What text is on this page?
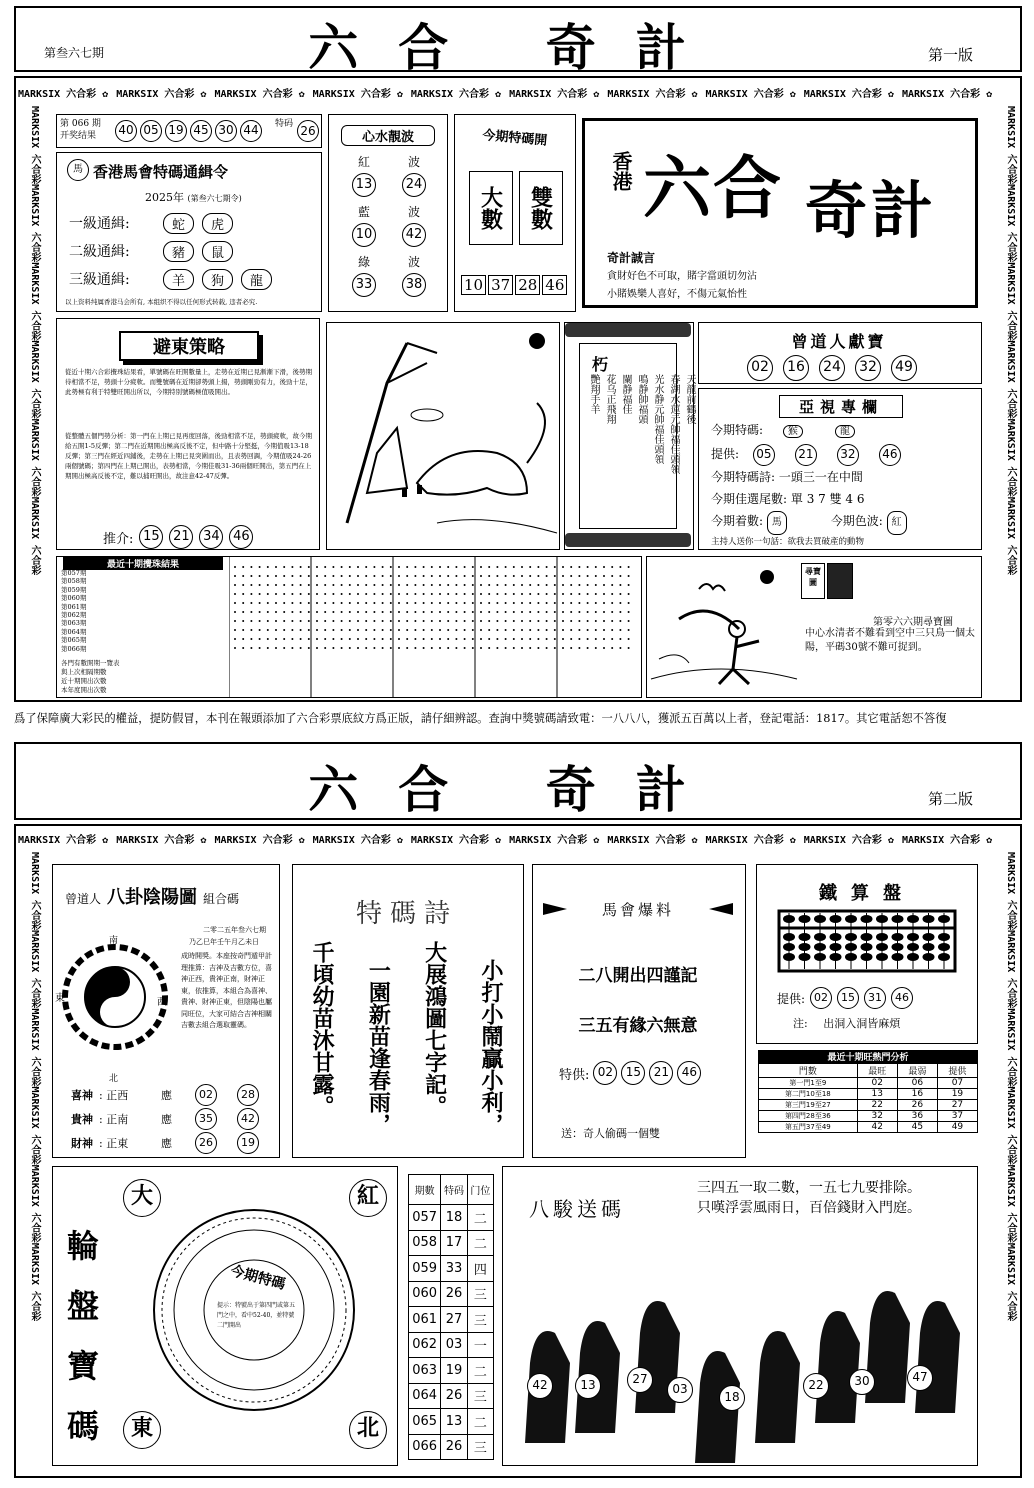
六合 奇計
第叁六七期	第一版
MARKSIX 六合彩 ✿ MARKSIX 六合彩 ✿ MARKSIX 六合彩 ✿ MARKSIX 六合彩 ✿ MARKSIX 六合彩 ✿ MARKSIX 六合彩 ✿ MARKSIX 六合彩 ✿ MARKSIX 六合彩 ✿ MARKSIX 六合彩 ✿ MARKSIX 六合彩 ✿
MARKSIX 六合彩MARKSIX 六合彩MARKSIX 六合彩MARKSIX 六合彩MARKSIX 六合彩MARKSIX 六合彩
MARKSIX 六合彩MARKSIX 六合彩MARKSIX 六合彩MARKSIX 六合彩MARKSIX 六合彩MARKSIX 六合彩
第 066 期
开奖结果	40 05 19 45 30 44	特码 26
香港馬會特碼通緝令
馬
2025年 (第叁六七期令)
一級通緝:	蛇	虎
二級通緝:	豬	鼠
三級通緝:	羊	狗	龍
以上资料纯属香港马会所有, 本组织不得以任何形式转载, 违者必究.
心水靚波
紅	波
13	24
藍	波
10	42
綠	波
33	38
今期特碼開
大數	雙數
10 37 28 46
香港 六合 奇計
奇計誠言
貪財好色不可取，賭字當頭切勿沾
小賭娛樂人喜好，不傷元氣怡性
避東策略
從近十期六合彩攪珠結果看，單號碼在旺開數量上，走勢在近期已見漸漸下滑，後勢期待相當不足，勢頭十分疲軟。而雙號碼在近期卻勢頭上揚，勢頭剛勁有力，後勁十足，此勢極有利于特雙旺開出所以，今期特別號碼極值吸開出。
從整體五個門勢分析：第一門在上期已見再度回落，後勁相當不足，勢頭疲軟，故今期給五開1-5反彈；第二門在近期開出極高反後不定，但中路十分堅挺，今期值吸13-18反彈；第三門在經近四鋪後，走勢在上期已見突圍而出，且表勢回調，今期值吸24-26兩個號碼；第四門在上期已開出，表勢相當，今期佳吸31-36兩個旺開出，第五門在上期開出極高反後不定，難以捕旺開出，故注意42-47反彈。
推介: 15 21 34 46
朽
天龍前鶴後
春湖水蓮元帥福佳頭領
光水静元帥福佳頭領
鳴静帥福頭
闌静福佳
花乌正飛翔
艷翔手羊
曾道人獻寶
02 16 24 32 49
亞視專欄
今期特碼: 猴	龍
提供: 05 21 32 46
今期特碼詩: 一頭三一在中間
今期佳選尾數: 單 3 7 雙 4 6
今期着數: 馬	今期色波: 紅
主持人送你一句話：欲我去買破產的動物
最近十期攪珠結果
第057期
第058期
第059期
第060期
第061期
第062期
第063期
第064期
第065期
第066期
各門有數開期一覽表
與上次相隔期數
近十期開出次數
本年度開出次數
尋寶圖
第零六六期尋寶圖
中心水清者不難看到空中三只鳥一個太陽，平碼30號不難可捉到。
爲了保障廣大彩民的權益，提防假冒，本刊在報頭添加了六合彩票底紋方爲正版，請仔細辨認。查詢中獎號碼請致電：一八八八，獲派五百萬以上者，登記電話：1817。其它電話恕不答復
六合 奇計	第二版
MARKSIX 六合彩 ✿ MARKSIX 六合彩 ✿ MARKSIX 六合彩 ✿ MARKSIX 六合彩 ✿ MARKSIX 六合彩 ✿ MARKSIX 六合彩 ✿ MARKSIX 六合彩 ✿ MARKSIX 六合彩 ✿ MARKSIX 六合彩 ✿ MARKSIX 六合彩 ✿
MARKSIX 六合彩MARKSIX 六合彩MARKSIX 六合彩MARKSIX 六合彩MARKSIX 六合彩MARKSIX 六合彩
MARKSIX 六合彩MARKSIX 六合彩MARKSIX 六合彩MARKSIX 六合彩MARKSIX 六合彩MARKSIX 六合彩
曾道人 八卦陰陽圖 組合碼
南
東	西
北
二零二五年叁六七期
乃乙巳年壬午月乙未日
成時開獎。本座按奇門遁甲計理推算：吉神及吉數方位，喜神正西，貴神正南，財神正東，依推算，本組合為喜神、貴神、財神正東，但陰陽也屬同旺位，大家可結合吉神相關吉數去組合選取靈碼。
喜神 : 正西	應	02	28
貴神 : 正南	應	35	42
財神 : 正東	應	26	19
特碼詩
小打小鬧贏小利，
大展鴻圖七字記。
一園新苗逢春雨，
千頃幼苗沐甘露。
馬會爆料
二八開出四謹記
三五有緣六無意
特供: 02	15	21	46
送：奇人偷碼一個雙
鐵算盤
提供: 02	15	31	46
注: 出洞入洞皆麻煩
最近十期旺熱門分析
門數	最旺	最弱	提供
第一門1至9	02	06	07
第二門10至18	13	16	19
第三門19至27	22	26	27
第四門28至36	32	36	37
第五門37至49	42	45	49
輪
盤
寶
碼
大	紅
東	北
今期特碼
提示：特號出于第四門或第五門之中，看中52-40，並特號二門開出
期數	特码	门位
057	18	二
058	17	二
059	33	四
060	26	三
061	27	三
062	03	一
063	19	二
064	26	三
065	13	二
066	26	三
八駿送碼
三四五一取二數，一五七九要排除。
只嘆浮雲風雨日，百倍錢財入門庭。
42	13	27
03
18
22	30	47
